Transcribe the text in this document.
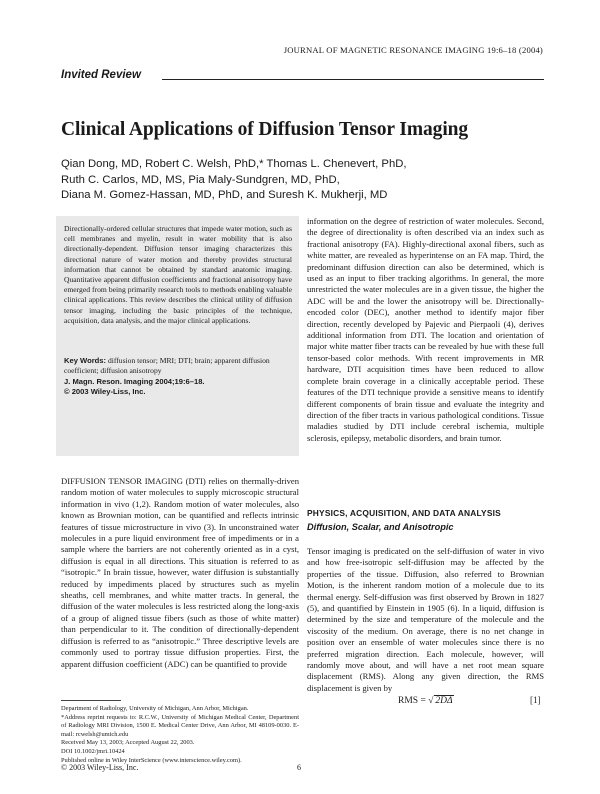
JOURNAL OF MAGNETIC RESONANCE IMAGING 19:6–18 (2004)
Invited Review
Clinical Applications of Diffusion Tensor Imaging
Qian Dong, MD, Robert C. Welsh, PhD,* Thomas L. Chenevert, PhD,
Ruth C. Carlos, MD, MS, Pia Maly-Sundgren, MD, PhD,
Diana M. Gomez-Hassan, MD, PhD, and Suresh K. Mukherji, MD
Directionally-ordered cellular structures that impede water motion, such as cell membranes and myelin, result in water mobility that is also directionally-dependent. Diffusion tensor imaging characterizes this directional nature of water motion and thereby provides structural information that cannot be obtained by standard anatomic imaging. Quantitative apparent diffusion coefficients and fractional anisotropy have emerged from being primarily research tools to methods enabling valuable clinical applications. This review describes the clinical utility of diffusion tensor imaging, including the basic principles of the technique, acquisition, data analysis, and the major clinical applications.
Key Words: diffusion tensor; MRI; DTI; brain; apparent diffusion coefficient; diffusion anisotropy
J. Magn. Reson. Imaging 2004;19:6–18.
© 2003 Wiley-Liss, Inc.
DIFFUSION TENSOR IMAGING (DTI) relies on thermally-driven random motion of water molecules to supply microscopic structural information in vivo (1,2). Random motion of water molecules, also known as Brownian motion, can be quantified and reflects intrinsic features of tissue microstructure in vivo (3). In unconstrained water molecules in a pure liquid environment free of impediments or in a sample where the barriers are not coherently oriented as in a cyst, diffusion is equal in all directions. This situation is referred to as “isotropic.” In brain tissue, however, water diffusion is substantially reduced by impediments placed by structures such as myelin sheaths, cell membranes, and white matter tracts. In general, the diffusion of the water molecules is less restricted along the long-axis of a group of aligned tissue fibers (such as those of white matter) than perpendicular to it. The condition of directionally-dependent diffusion is referred to as “anisotropic.” Three descriptive levels are commonly used to portray tissue diffusion properties. First, the apparent diffusion coefficient (ADC) can be quantified to provide
information on the degree of restriction of water molecules. Second, the degree of directionality is often described via an index such as fractional anisotropy (FA). Highly-directional axonal fibers, such as white matter, are revealed as hyperintense on an FA map. Third, the predominant diffusion direction can also be determined, which is used as an input to fiber tracking algorithms. In general, the more unrestricted the water molecules are in a given tissue, the higher the ADC will be and the lower the anisotropy will be. Directionally-encoded color (DEC), another method to identify major fiber direction, recently developed by Pajevic and Pierpaoli (4), derives additional information from DTI. The location and orientation of major white matter fiber tracts can be revealed by hue with these full tensor-based color methods. With recent improvements in MR hardware, DTI acquisition times have been reduced to allow complete brain coverage in a clinically acceptable period. These features of the DTI technique provide a sensitive means to identify different components of brain tissue and evaluate the integrity and direction of the fiber tracts in various pathological conditions. Tissue maladies studied by DTI include cerebral ischemia, multiple sclerosis, epilepsy, metabolic disorders, and brain tumor.
PHYSICS, ACQUISITION, AND DATA ANALYSIS
Diffusion, Scalar, and Anisotropic
Tensor imaging is predicated on the self-diffusion of water in vivo and how free-isotropic self-diffusion may be affected by the properties of the tissue. Diffusion, also referred to Brownian Motion, is the inherent random motion of a molecule due to its thermal energy. Self-diffusion was first observed by Brown in 1827 (5), and quantified by Einstein in 1905 (6). In a liquid, diffusion is determined by the size and temperature of the molecule and the viscosity of the medium. On average, there is no net change in position over an ensemble of water molecules since there is no preferred migration direction. Each molecule, however, will randomly move about, and will have a net root mean square displacement (RMS). Along any given direction, the RMS displacement is given by
RMS = √ 2DΔ	[1]
Department of Radiology, University of Michigan, Ann Arbor, Michigan.
*Address reprint requests to: R.C.W., University of Michigan Medical Center, Department of Radiology MRI Division, 1500 E. Medical Center Drive, Ann Arbor, MI 48109-0030. E-mail: rcwelsh@umich.edu
Received May 13, 2003; Accepted August 22, 2003.
DOI 10.1002/jmri.10424
Published online in Wiley InterScience (www.interscience.wiley.com).
© 2003 Wiley-Liss, Inc.	6
